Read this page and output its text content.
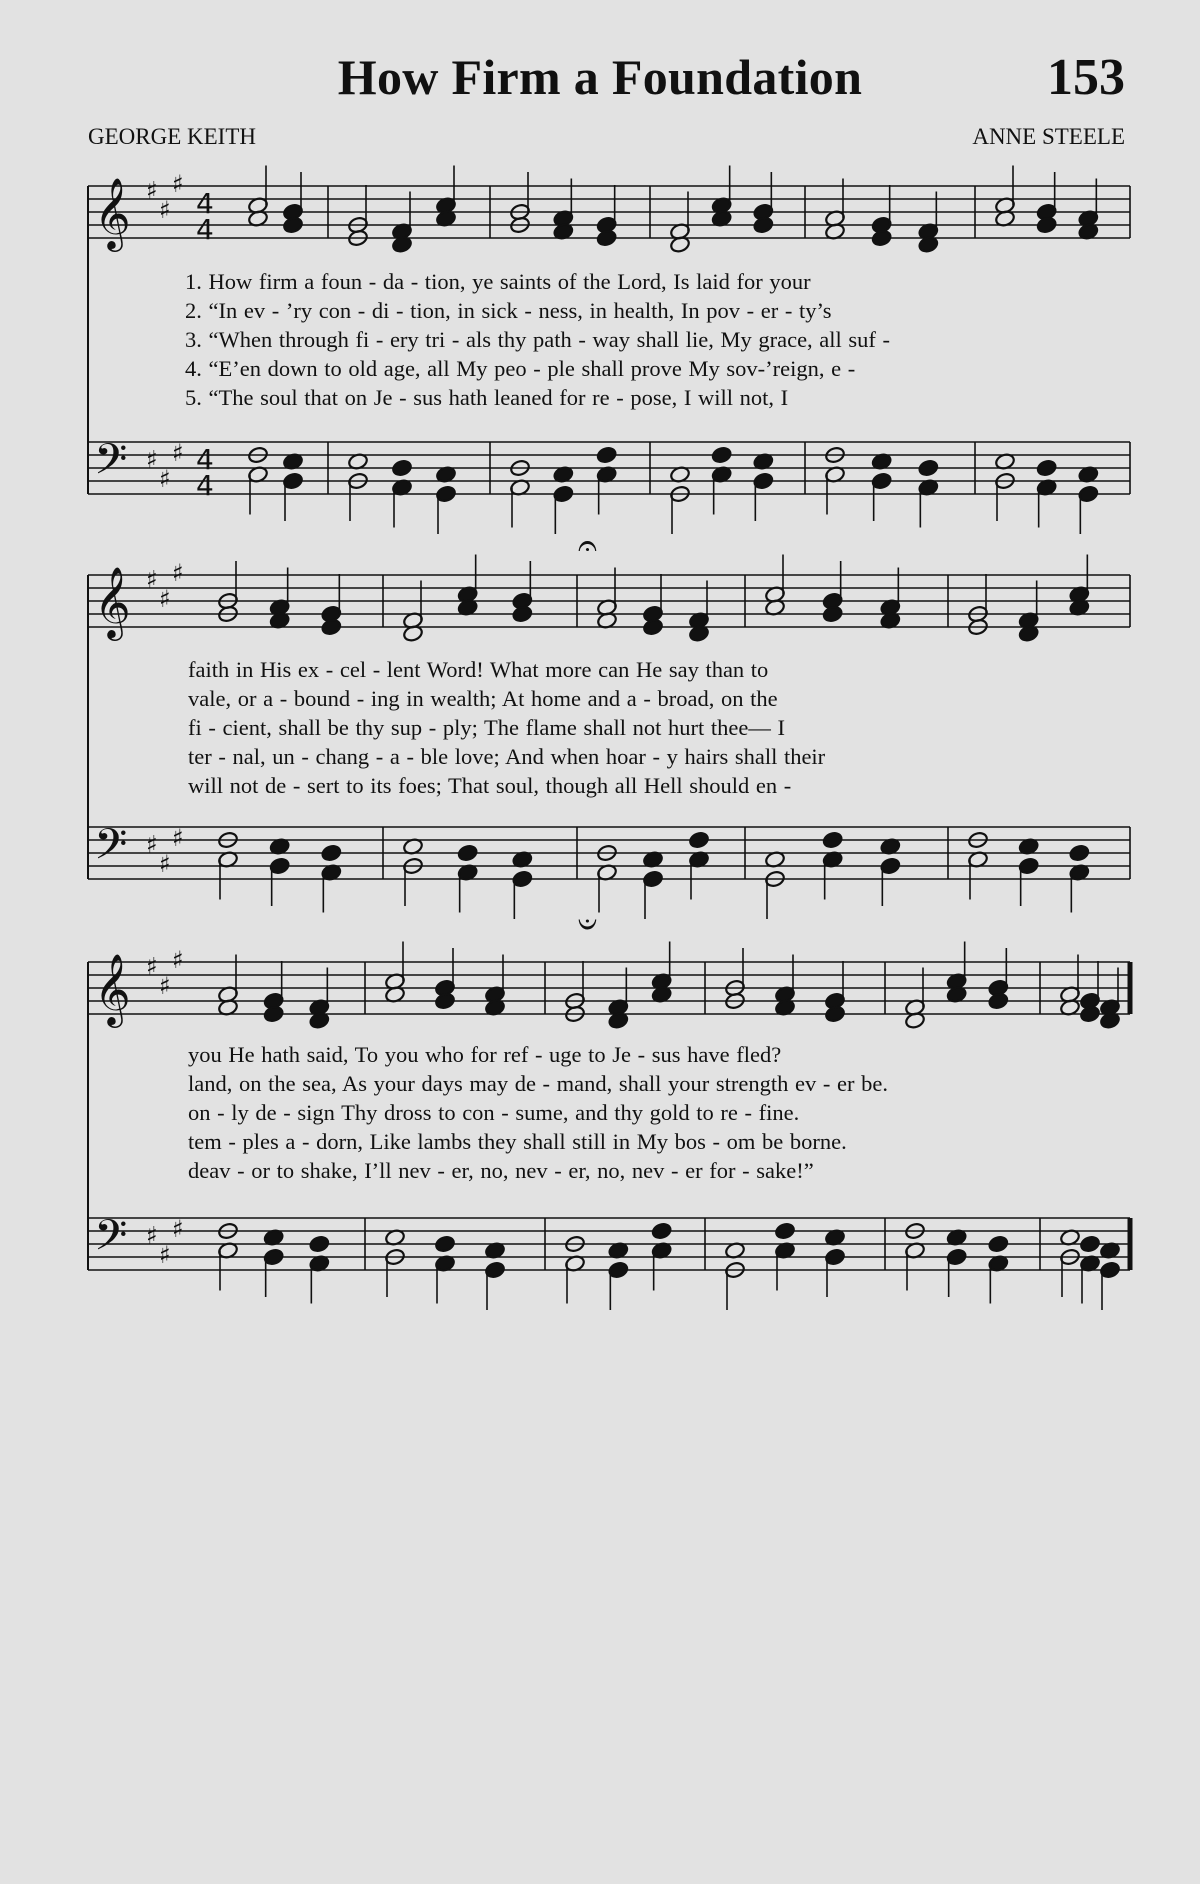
How Firm a Foundation	153
GEORGE KEITH	ANNE STEELE
𝄞
𝄢
♯
♯
♯
♯
♯
♯
4
4
4
4
𝄞
𝄢
♯
♯
♯
♯
♯
♯
𝄐
𝄑
𝄞
𝄢
♯
♯
♯
♯
♯
♯
1. How firm a foun - da - tion, ye saints of the Lord, Is laid for your
2. “In ev - ’ry con - di - tion, in sick - ness, in health, In pov - er - ty’s
3. “When through fi - ery tri - als thy path - way shall lie, My grace, all suf -
4. “E’en down to old age, all My peo - ple shall prove My sov-’reign, e -
5. “The soul that on Je - sus hath leaned for re - pose, I will not, I
faith in His ex - cel - lent Word! What more can He say than to
vale, or a - bound - ing in wealth; At home and a - broad, on the
fi - cient, shall be thy sup - ply; The flame shall not hurt thee— I
ter - nal, un - chang - a - ble love; And when hoar - y hairs shall their
will not de - sert to its foes; That soul, though all Hell should en -
you He hath said, To you who for ref - uge to Je - sus have fled?
land, on the sea, As your days may de - mand, shall your strength ev - er be.
on - ly de - sign Thy dross to con - sume, and thy gold to re - fine.
tem - ples a - dorn, Like lambs they shall still in My bos - om be borne.
deav - or to shake, I’ll nev - er, no, nev - er, no, nev - er for - sake!”
